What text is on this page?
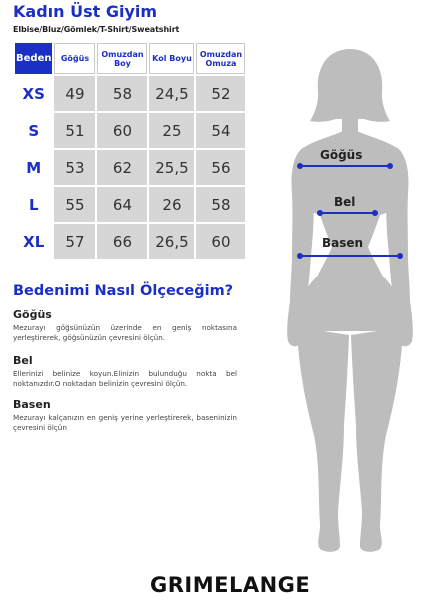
Kadın Üst Giyim
Elbise/Bluz/Gömlek/T-Shirt/Sweatshirt
Beden	Göğüs	Omuzdan Boy	Kol Boyu	Omuzdan Omuza
XS	49	58	24,5	52
S	51	60	25	54
M	53	62	25,5	56
L	55	64	26	58
XL	57	66	26,5	60
Bedenimi Nasıl Ölçeceğim?
Göğüs

Mezurayı göğsünüzün üzerinde en geniş noktasına yerleştirerek, göğsünüzün çevresini ölçün.

Bel

Ellerinizi belinize koyun.Elinizin bulunduğu nokta bel noktanızdır.O noktadan belinizin çevresini ölçün.

Basen

Mezurayı kalçanızın en geniş yerine yerleştirerek, baseninizin çevresini ölçün

Göğüs
Bel
Basen
GRIMELANGE
